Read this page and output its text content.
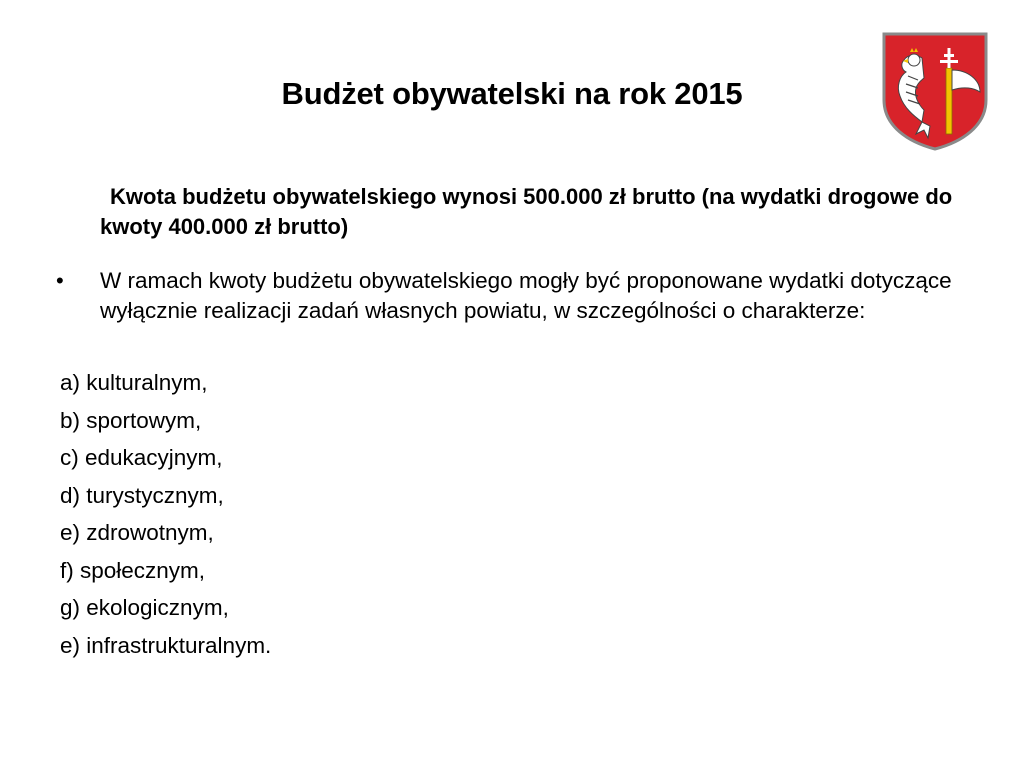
Budżet obywatelski na rok 2015
Kwota budżetu obywatelskiego wynosi 500.000 zł brutto (na wydatki drogowe do kwoty 400.000 zł brutto)
•	W ramach kwoty budżetu obywatelskiego mogły być proponowane wydatki dotyczące wyłącznie realizacji zadań własnych powiatu, w szczególności o charakterze:
a) kulturalnym,
b) sportowym,
c) edukacyjnym,
d) turystycznym,
e) zdrowotnym,
f) społecznym,
g) ekologicznym,
e) infrastrukturalnym.
